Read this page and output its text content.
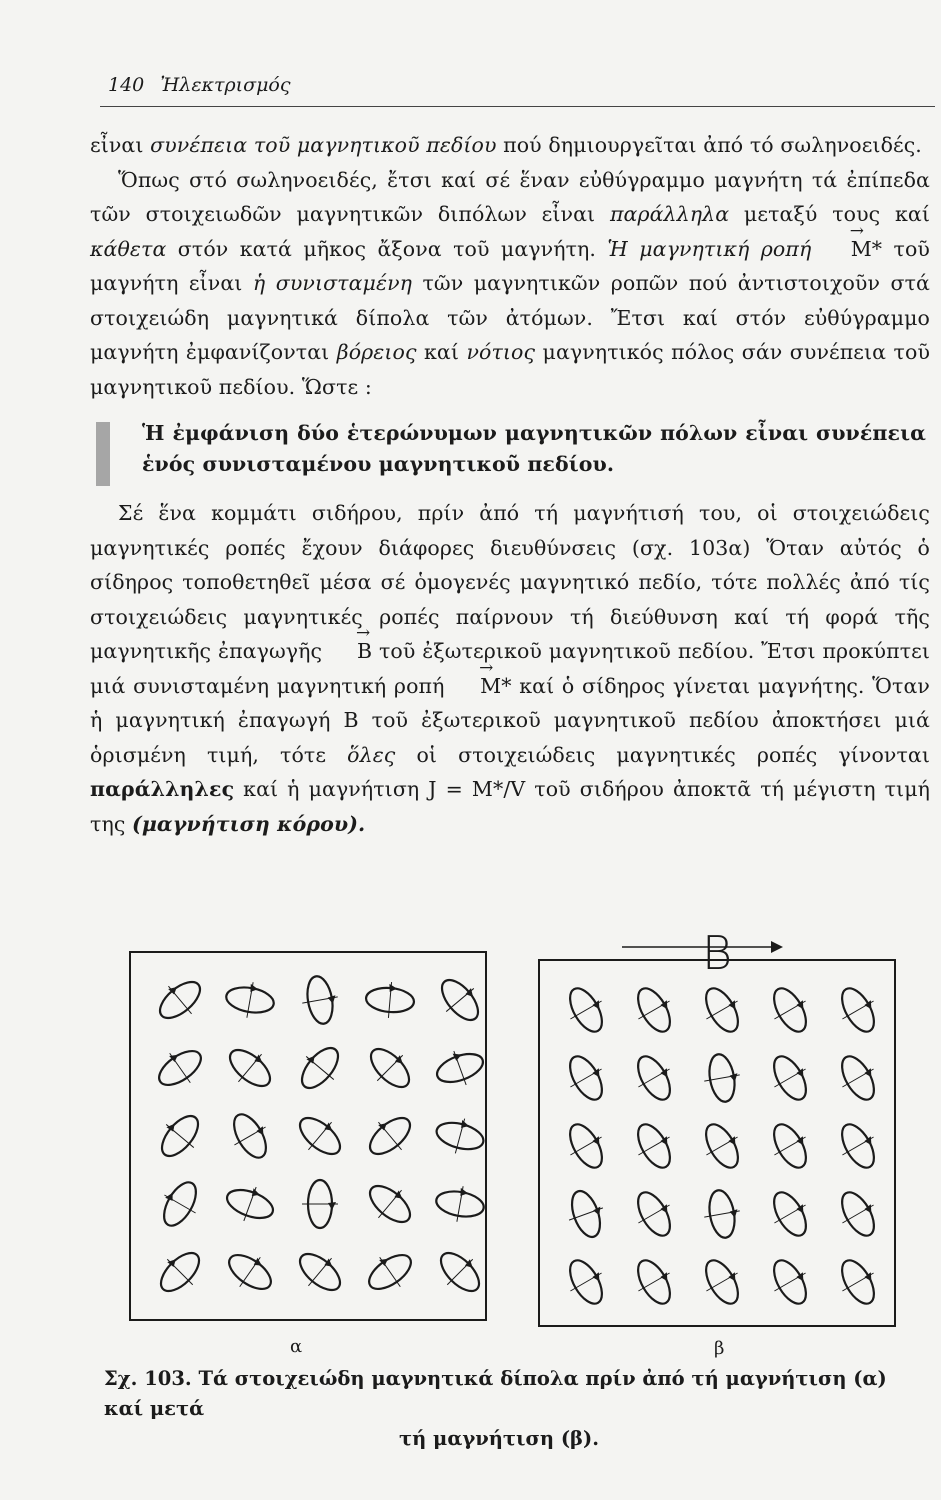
140 Ἠλεκτρισμός

εἶναι συνέπεια τοῦ μαγνητικοῦ πεδίου πού δημιουργεῖται ἀπό τό σωληνοειδές.

Ὅπως στό σωληνοειδές, ἔτσι καί σέ ἕναν εὐθύγραμμο μαγνήτη τά ἐπίπεδα τῶν στοιχειωδῶν μαγνητικῶν διπόλων εἶναι παράλληλα μεταξύ τους καί κάθετα στόν κατά μῆκος ἄξονα τοῦ μαγνήτη. Ἡ μαγνητική ροπή → M* τοῦ μαγνήτη εἶναι ἡ συνισταμένη τῶν μαγνητικῶν ροπῶν πού ἀντιστοιχοῦν στά στοιχειώδη μαγνητικά δίπολα τῶν ἀτόμων. Ἔτσι καί στόν εὐθύγραμμο μαγνήτη ἐμφανίζονται βόρειος καί νότιος μαγνητικός πόλος σάν συνέπεια τοῦ μαγνητικοῦ πεδίου. Ὥστε :

Ἡ ἐμφάνιση δύο ἑτερώνυμων μαγνητικῶν πόλων εἶναι συνέπεια ἑνός συνισταμένου μαγνητικοῦ πεδίου.

Σέ ἕνα κομμάτι σιδήρου, πρίν ἀπό τή μαγνήτισή του, οἱ στοιχειώδεις μαγνητικές ροπές ἔχουν διάφορες διευθύνσεις (σχ. 103α) Ὅταν αὐτός ὁ σίδηρος τοποθετηθεῖ μέσα σέ ὁμογενές μαγνητικό πεδίο, τότε πολλές ἀπό τίς στοιχειώδεις μαγνητικές ροπές παίρνουν τή διεύθυνση καί τή φορά τῆς μαγνητικῆς ἐπαγωγῆς → B τοῦ ἐξωτερικοῦ μαγνητικοῦ πεδίου. Ἔτσι προκύπτει μιά συνισταμένη μαγνητική ροπή → M* καί ὁ σίδηρος γίνεται μαγνήτης. Ὅταν ἡ μαγνητική ἐπαγωγή B τοῦ ἐξωτερικοῦ μαγνητικοῦ πεδίου ἀποκτήσει μιά ὁρισμένη τιμή, τότε ὅλες οἱ στοιχειώδεις μαγνητικές ροπές γίνονται παράλληλες καί ἡ μαγνήτιση J = M*/V τοῦ σιδήρου ἀποκτᾶ τή μέγιστη τιμή της (μαγνήτιση κόρου).

B
α	β
Σχ. 103. Τά στοιχειώδη μαγνητικά δίπολα πρίν ἀπό τή μαγνήτιση (α) καί μετά
τή μαγνήτιση (β).
